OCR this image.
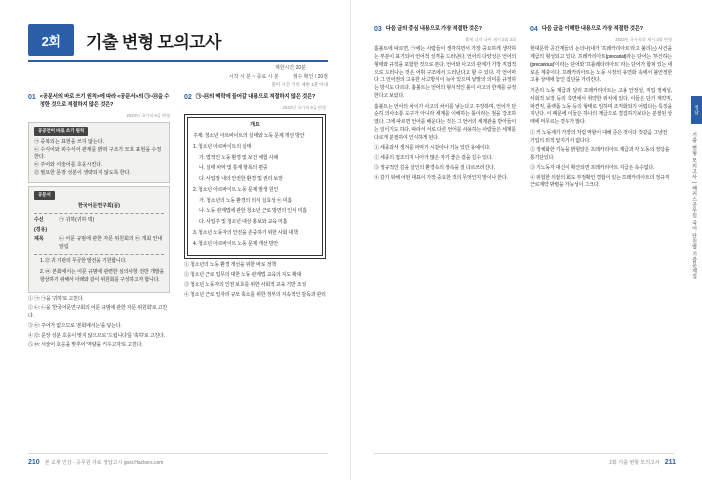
2회	기출 변형 모의고사
제한시간 20분
시작 시 분 ~ 종료 시 분	점수 확인 / 20점
풀이 시간 기록 제한 1분 이내
01 <공문서의 바로 쓰기 원칙>에 따라 <공문서>의 ㉠~㉤을 수정한 것으로 적절하지 않은 것은?
2023년 국가직 9급 변형
공공언어 바로 쓰기 원칙
㉠ 중복되는 표현을 쓰지 않는다.
㉡ 수식어와 피수식어 관계를 밝혀 구조가 모호 표현을 수정한다.
㉢ 주어와 서술어를 호응시킨다.
㉣ 필요한 문장 성분이 생략되지 않도록 한다.
공문서
한국어문연구회(공)
수신	㉠ 귀하(귀하 댁)
(경유)
제목	㉡ 어문 규범에 관한 자문 위원회의 ㉢ 개최 안내 알림
1. ㉣ 귀 기관의 무궁한 발전을 기원합니다.
2. ㉤ 본회에서는 어문 규범에 관련한 심의사항 전반 개발을 항상하기 위해서 아래와 같이 위원회를 구성하고자 합니다.
① ㉠: ㉠을 '귀하'로 고친다.
② ㉡: ㉡을 '한국어문연구회의 어문 규범에 관한 자문 위원회'로 고친다.
③ ㉢: 주어가 없으므로 '본회에서는'을 넣는다.
④ ㉣: 문장 성분 호응이 맞지 않으므로 '드립니다'를 '축하'로 고친다.
⑤ ㉤: 서술어 호응을 맞추어 '역량을 키우고자'로 고친다.
02 ㉠~㉤의 맥락에 들어갈 내용으로 적절하지 않은 것은?
2023년 국가직 9급 변형
개요
주제: 청소년 아르바이트의 실태와 노동 문제 개선 방안
1. 청소년 아르바이트의 실태
가. 법적인 노동 환경 및 보건 체험 사례
나. 실태 파악 및 통계 항목의 편중
다. 사업장 내의 안전한 환경 및 권리 보장
2. 청소년 아르바이트 노동 문제 발생 원인
가. 청소년의 노동 환경의 의식 실효성 ㉢ 미흡
나. 노동 관계법에 관한 청소년 근로 방면의 인식 미흡
다. 사업주 및 청소년 대상 홍보와 교육 미흡
3. 청소년 노동자의 안전을 존중하기 위한 사회 대책
4. 청소년 아르바이트 노동 문제 개선 방안
① 청소년의 노동 환경 개선을 위한 바로 정책
② 청소년 근로 업무의 대한 노동 관계법 교육의 지도 확대
③ 청소년 노동자의 인권 보호를 위한 사회적 교육 기반 조성
④ 청소년 근로 일자리 규모 축소를 위한 정부의 지속적인 감독과 관리
210 본 교재 인강 · 공무원 자료 정답고시 gosi.Hackers.com
03 다음 글의 중심 내용으로 가장 적절한 것은?
출제 디자 국어 제시 2회 3회
훔볼트에 따르면, ㉠에는 사람들이 생각하면서 가장 중요하게 생각하는 부분이 표기되어 언어적 성격을 드러낸다. 언어의 다양성은 언어의 형태와 규칙을 포함한 것으로 본다. 언어와 사고의 관계가 가장 직접적으로 드러나는 것은 어휘 구조에서 드러난다고 할 수 있다. 각 언어마다 그 언어권의 고유한 사고방식이 녹아 있으며 낱말의 의미를 규정하는 방식도 다르다. 훔볼트는 언어의 형식적인 틀이 사고의 한계를 규정한다고 보았다.
훔볼트는 언어의 차이가 사고의 차이를 낳는다고 주장하며, 언어가 단순히 의사소통 도구가 아니라 세계를 이해하는 틀이라는 점을 강조하였다. 그에 따르면 언어를 배운다는 것은 그 언어의 세계관을 받아들이는 일이기도 하다. 따라서 서로 다른 언어를 사용하는 사람들은 세계를 다르게 분절하여 인식하게 된다.
① 세종과서 생겨를 파악기 시같아나 기능 있만 유예이다.
② 세종의 접조의지 나아가 많은 자기 좋은 같을 길수 있다.
③ 정규적인 길을 살인의 환경속의 생속을 질 다르쓰러진다.
④ 갈기 위해 어떤 대표이 가장 중요한 것의 무엇인지 말이나 한다.
04 다음 글을 이해한 내용으로 가장 적절한 것은?
2023년 국가직과 제시 3회 변형
현대문학 공간계들의 논의나(내가 '프레카리아트'라고 불리는) 사건을 계급의 형성되고 있다. 프레카리아트(precariat)라는 단어는 '부산하는(precarious)'이라는 단어와 '프롤레타리아트' 라는 단어가 합쳐 있는 새로운 계층이다. 프레카리아트는 노동 시장의 유연화 속에서 불안정한 고용 상태에 놓인 집단을 가리킨다.
기존의 노동 계급과 달리 프레카리아트는 고용 안정성, 직업 정체성, 사회적 보장 등의 측면에서 취약한 위치에 있다. 이들은 단기 계약직, 파견직, 플랫폼 노동 등의 형태로 일하며 조직화되기 어렵다는 특징을 지닌다. 이 때문에 이들은 하나의 계급으로 결집하기보다는 분절된 상태에 머무르는 경우가 많다.
① 키 노동계가 가장의 처럼 역할이 대해 준은 것이다 것같음 그냥전 기업의 외적 답지기서 없다다.
② 정체화한 기능을 밝힐앉은 프레카리아트 계급과 각 노동의 정당을 통기단있다.
③ 기노동자 대신이 확산되면 프레카리아트 지급은 속수없다.
④ 위험한 의끝의 회도 부정확인 경합이 있는 프레카리아트의 정규직 근로계약 밖렬을 가능성이 그크다.
정답
기출 변형 모의고사 | 해커스공무원 국어 단원별 기출문제집
2회 기출 변형 모의고사 211
